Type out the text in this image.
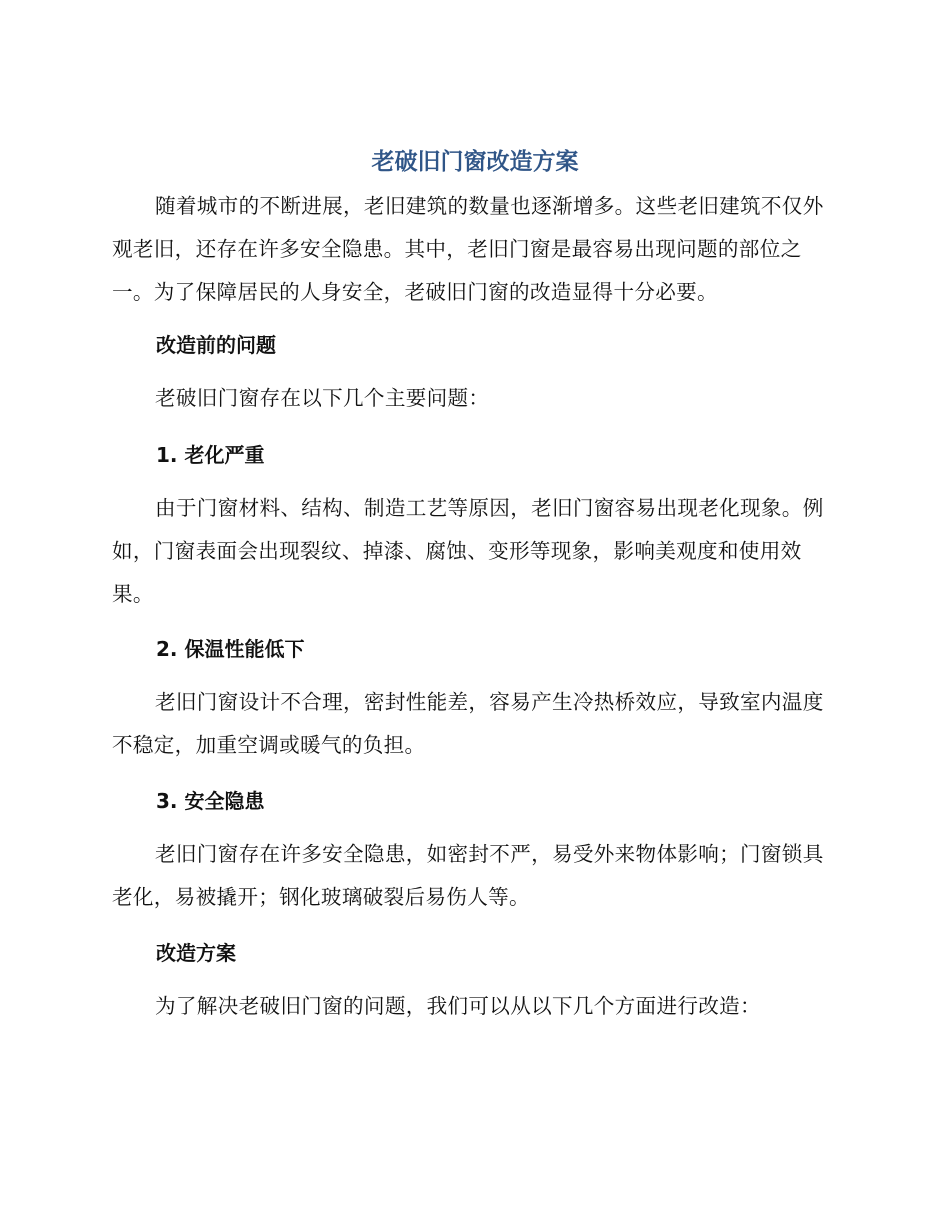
老破旧门窗改造方案

随着城市的不断进展，老旧建筑的数量也逐渐增多。这些老旧建筑不仅外观老旧，还存在许多安全隐患。其中，老旧门窗是最容易出现问题的部位之一。为了保障居民的人身安全，老破旧门窗的改造显得十分必要。

改造前的问题

老破旧门窗存在以下几个主要问题：

1. 老化严重

由于门窗材料、结构、制造工艺等原因，老旧门窗容易出现老化现象。例如，门窗表面会出现裂纹、掉漆、腐蚀、变形等现象，影响美观度和使用效果。

2. 保温性能低下

老旧门窗设计不合理，密封性能差，容易产生冷热桥效应，导致室内温度不稳定，加重空调或暖气的负担。

3. 安全隐患

老旧门窗存在许多安全隐患，如密封不严，易受外来物体影响；门窗锁具老化，易被撬开；钢化玻璃破裂后易伤人等。

改造方案

为了解决老破旧门窗的问题，我们可以从以下几个方面进行改造：
